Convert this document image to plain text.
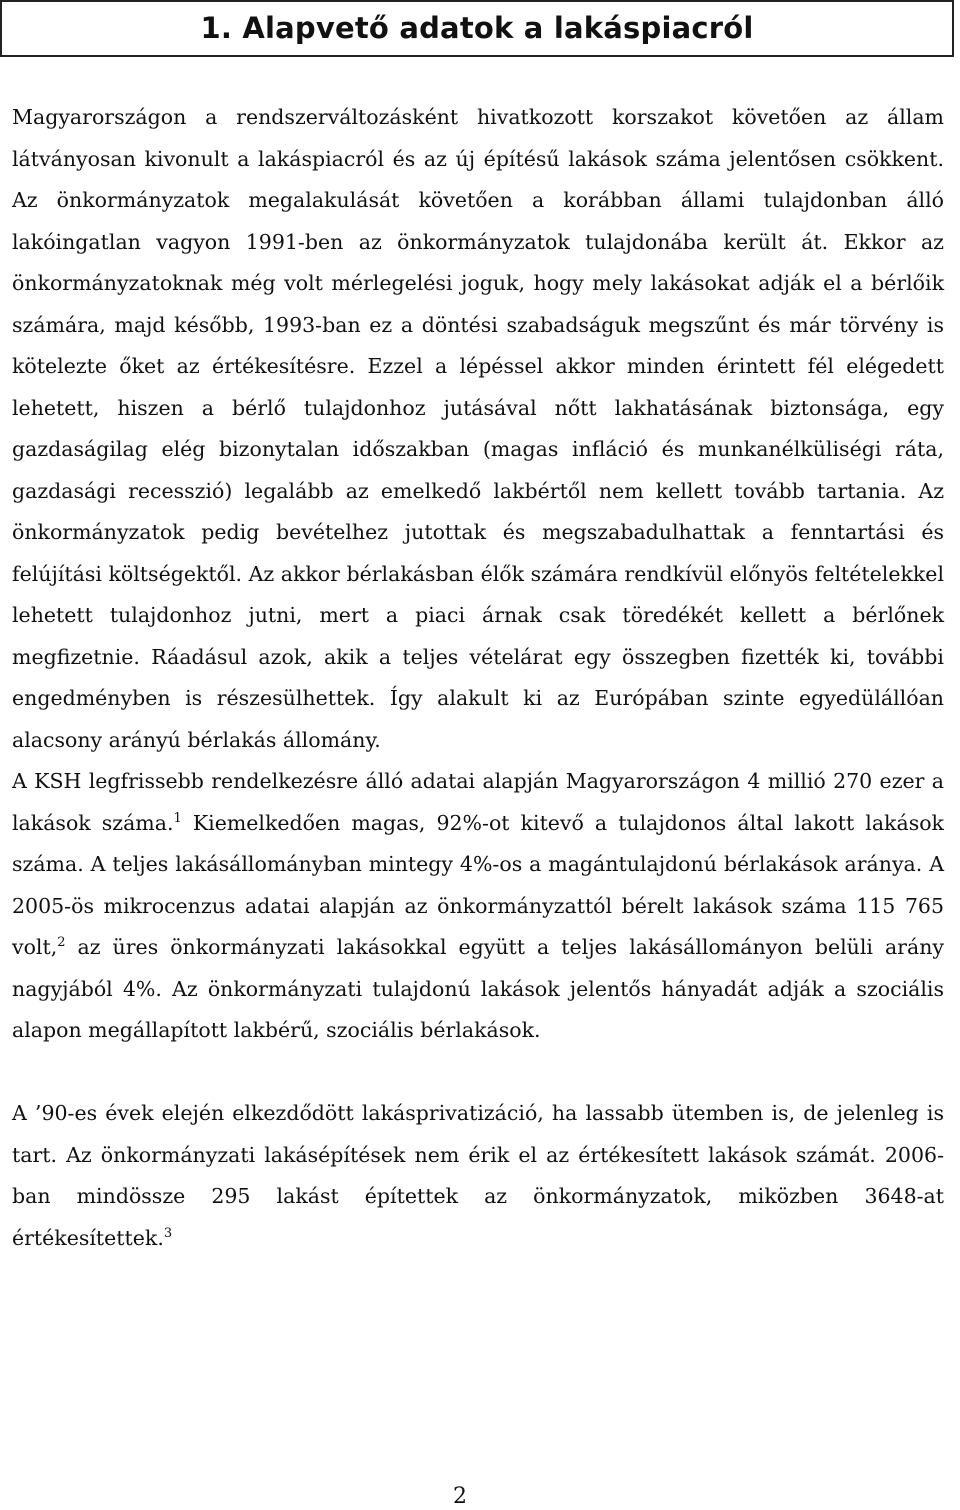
1. Alapvető adatok a lakáspiacról

Magyarországon a rendszerváltozásként hivatkozott korszakot követően az állam látványosan kivonult a lakáspiacról és az új építésű lakások száma jelentősen csökkent. Az önkormányzatok megalakulását követően a korábban állami tulajdonban álló lakóingatlan vagyon 1991-ben az önkormányzatok tulajdonába került át. Ekkor az önkormányzatoknak még volt mérlegelési joguk, hogy mely lakásokat adják el a bérlőik számára, majd később, 1993-ban ez a döntési szabadságuk megszűnt és már törvény is kötelezte őket az értékesítésre. Ezzel a lépéssel akkor minden érintett fél elégedett lehetett, hiszen a bérlő tulajdonhoz jutásával nőtt lakhatásának biztonsága, egy gazdaságilag elég bizonytalan időszakban (magas infláció és munkanélküliségi ráta, gazdasági recesszió) legalább az emelkedő lakbértől nem kellett tovább tartania. Az önkormányzatok pedig bevételhez jutottak és megszabadulhattak a fenntartási és felújítási költségektől. Az akkor bérlakásban élők számára rendkívül előnyös feltételekkel lehetett tulajdonhoz jutni, mert a piaci árnak csak töredékét kellett a bérlőnek megfizetnie. Ráadásul azok, akik a teljes vételárat egy összegben fizették ki, további engedményben is részesülhettek. Így alakult ki az Európában szinte egyedülállóan alacsony arányú bérlakás állomány.

A KSH legfrissebb rendelkezésre álló adatai alapján Magyarországon 4 millió 270 ezer a lakások száma.$^1$ Kiemelkedően magas, 92%-ot kitevő a tulajdonos által lakott lakások száma. A teljes lakásállományban mintegy 4%-os a magántulajdonú bérlakások aránya. A 2005-ös mikrocenzus adatai alapján az önkormányzattól bérelt lakások száma 115 765 volt,$^2$ az üres önkormányzati lakásokkal együtt a teljes lakásállományon belüli arány nagyjából 4%. Az önkormányzati tulajdonú lakások jelentős hányadát adják a szociális alapon megállapított lakbérű, szociális bérlakások.

A ’90-es évek elején elkezdődött lakásprivatizáció, ha lassabb ütemben is, de jelenleg is tart. Az önkormányzati lakásépítések nem érik el az értékesített lakások számát. 2006-ban mindössze 295 lakást építettek az önkormányzatok, miközben 3648-at értékesítettek.$^3$

2
